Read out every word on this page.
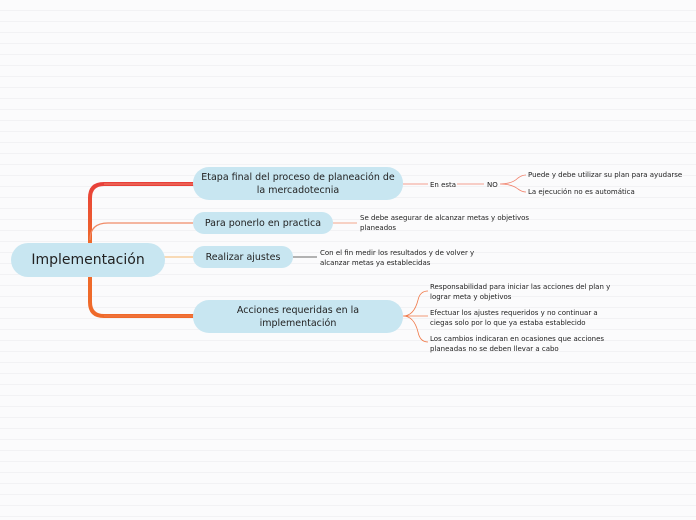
Implementación
Etapa final del proceso de planeación de la mercadotecnia
Para ponerlo en practica
Realizar ajustes
Acciones requeridas en la implementación
En esta	NO
Puede y debe utilizar su plan para ayudarse
La ejecución no es automática
Se debe asegurar de alcanzar metas y objetivos planeados
Con el fin medir los resultados y de volver y alcanzar metas ya establecidas
Responsabilidad para iniciar las acciones del plan y lograr meta y objetivos
Efectuar los ajustes requeridos y no continuar a ciegas solo por lo que ya estaba establecido
Los cambios indicaran en ocasiones que acciones planeadas no se deben llevar a cabo
